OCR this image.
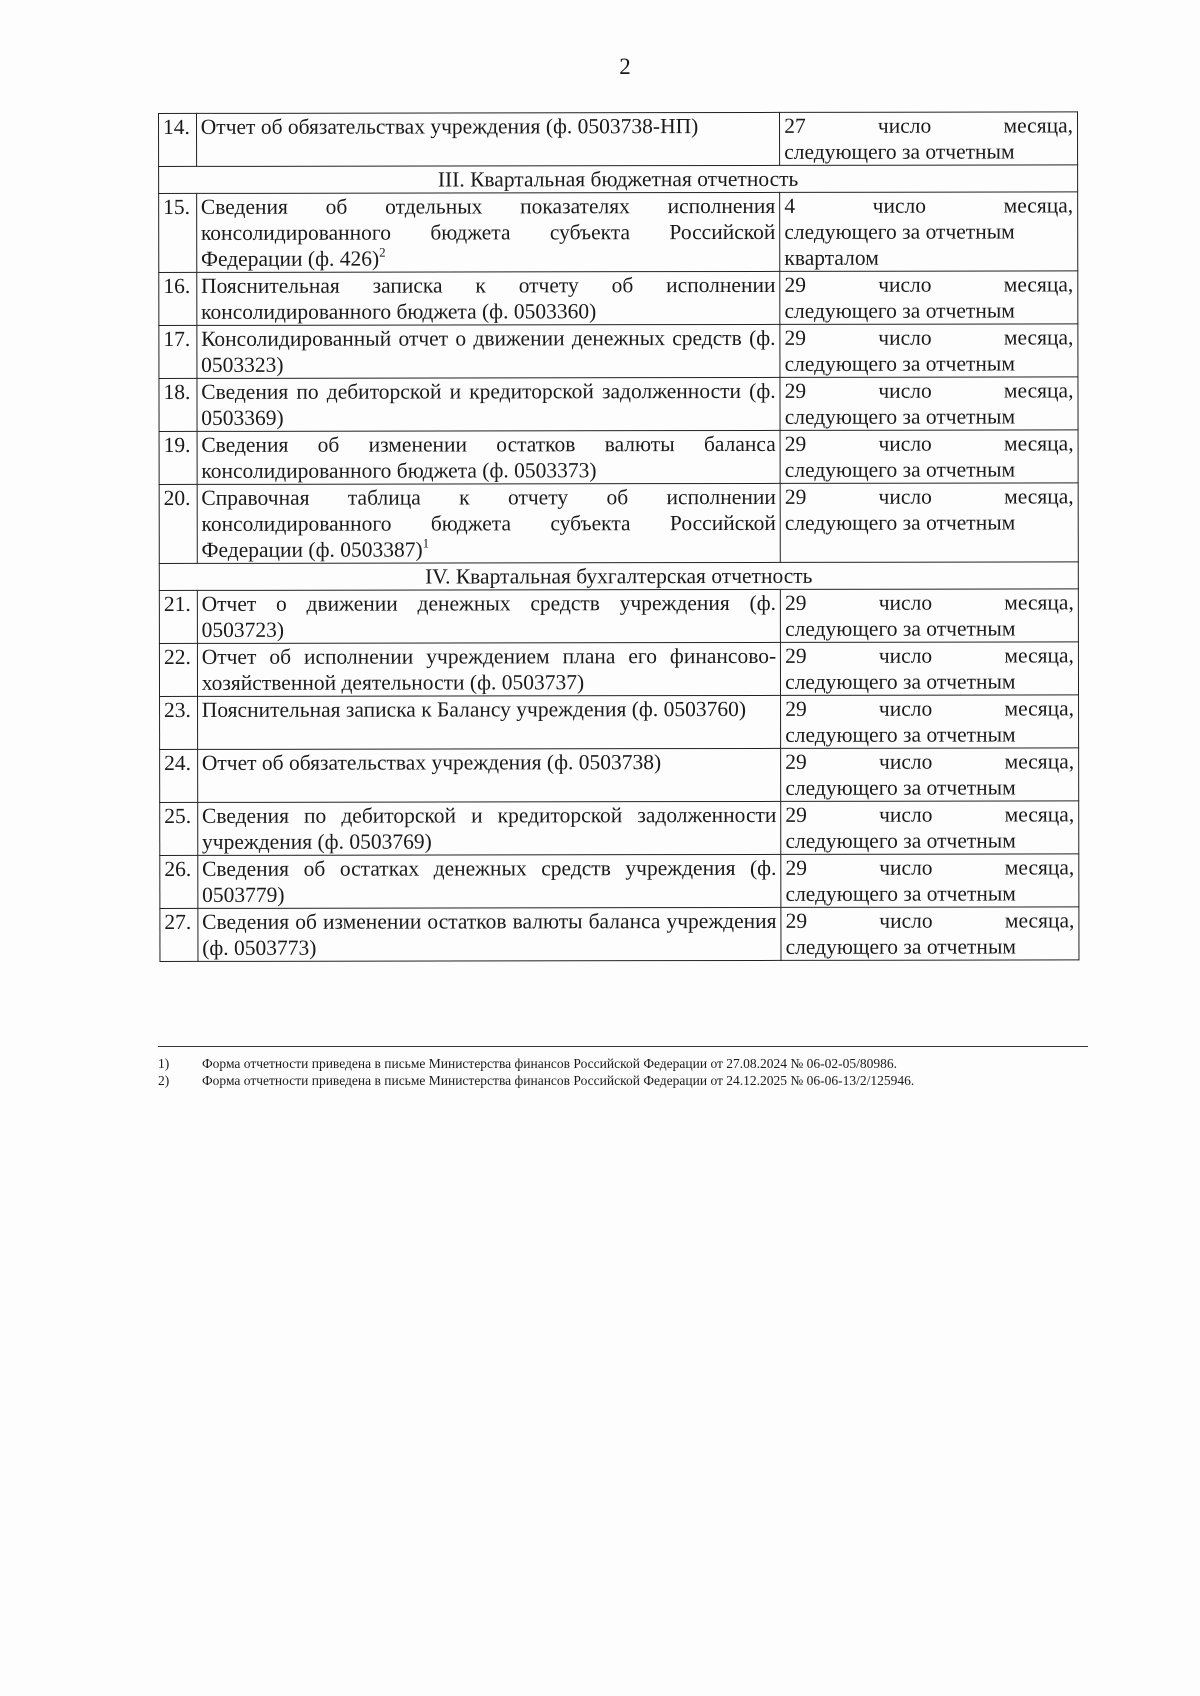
2
14.	Отчет об обязательствах учреждения (ф. 0503738-НП)	27 число месяца,
следующего за отчетным

III. Квартальная бюджетная отчетность		
15.	Сведения об отдельных показателях исполнения консолидированного бюджета субъекта Российской Федерации (ф. 426)$^2$	4 число месяца,
следующего за отчетным
кварталом

16.	Пояснительная записка к отчету об исполнении консолидированного бюджета (ф. 0503360)	29 число месяца,
следующего за отчетным

17.	Консолидированный отчет о движении денежных средств (ф. 0503323)	29 число месяца,
следующего за отчетным

18.	Сведения по дебиторской и кредиторской задолженности (ф. 0503369)	29 число месяца,
следующего за отчетным

19.	Сведения об изменении остатков валюты баланса консолидированного бюджета (ф. 0503373)	29 число месяца,
следующего за отчетным

20.	Справочная таблица к отчету об исполнении консолидированного бюджета субъекта Российской Федерации (ф. 0503387)$^1$	29 число месяца,
следующего за отчетным

IV. Квартальная бухгалтерская отчетность		
21.	Отчет о движении денежных средств учреждения (ф. 0503723)	29 число месяца,
следующего за отчетным

22.	Отчет об исполнении учреждением плана его финансово-хозяйственной деятельности (ф. 0503737)	29 число месяца,
следующего за отчетным

23.	Пояснительная записка к Балансу учреждения (ф. 0503760)	29 число месяца,
следующего за отчетным

24.	Отчет об обязательствах учреждения (ф. 0503738)	29 число месяца,
следующего за отчетным

25.	Сведения по дебиторской и кредиторской задолженности учреждения (ф. 0503769)	29 число месяца,
следующего за отчетным

26.	Сведения об остатках денежных средств учреждения (ф. 0503779)	29 число месяца,
следующего за отчетным

27.	Сведения об изменении остатков валюты баланса учреждения (ф. 0503773)	29 число месяца,
следующего за отчетным
1) Форма отчетности приведена в письме Министерства финансов Российской Федерации от 27.08.2024 № 06-02-05/80986.
2) Форма отчетности приведена в письме Министерства финансов Российской Федерации от 24.12.2025 № 06-06-13/2/125946.
